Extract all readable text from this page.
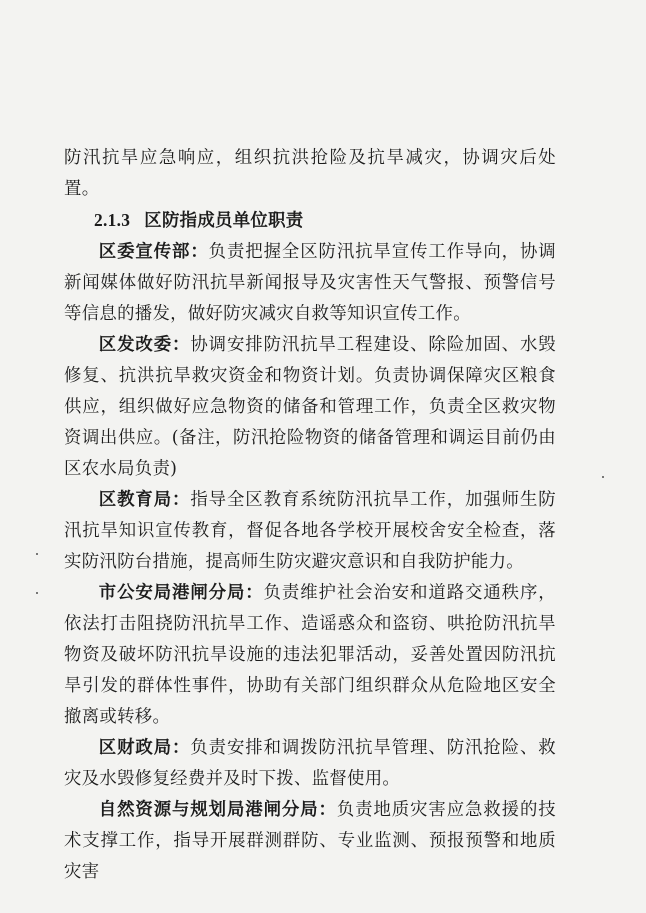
防汛抗旱应急响应，组织抗洪抢险及抗旱减灾，协调灾后处置。

2.1.3 区防指成员单位职责

区委宣传部：负责把握全区防汛抗旱宣传工作导向，协调新闻媒体做好防汛抗旱新闻报导及灾害性天气警报、预警信号等信息的播发，做好防灾减灾自救等知识宣传工作。

区发改委：协调安排防汛抗旱工程建设、除险加固、水毁修复、抗洪抗旱救灾资金和物资计划。负责协调保障灾区粮食供应，组织做好应急物资的储备和管理工作，负责全区救灾物资调出供应。(备注，防汛抢险物资的储备管理和调运目前仍由区农水局负责)

区教育局：指导全区教育系统防汛抗旱工作，加强师生防汛抗旱知识宣传教育，督促各地各学校开展校舍安全检查，落实防汛防台措施，提高师生防灾避灾意识和自我防护能力。

市公安局港闸分局：负责维护社会治安和道路交通秩序，依法打击阻挠防汛抗旱工作、造谣惑众和盗窃、哄抢防汛抗旱物资及破坏防汛抗旱设施的违法犯罪活动，妥善处置因防汛抗旱引发的群体性事件，协助有关部门组织群众从危险地区安全撤离或转移。

区财政局：负责安排和调拨防汛抗旱管理、防汛抢险、救灾及水毁修复经费并及时下拨、监督使用。

自然资源与规划局港闸分局：负责地质灾害应急救援的技术支撑工作，指导开展群测群防、专业监测、预报预警和地质灾害
